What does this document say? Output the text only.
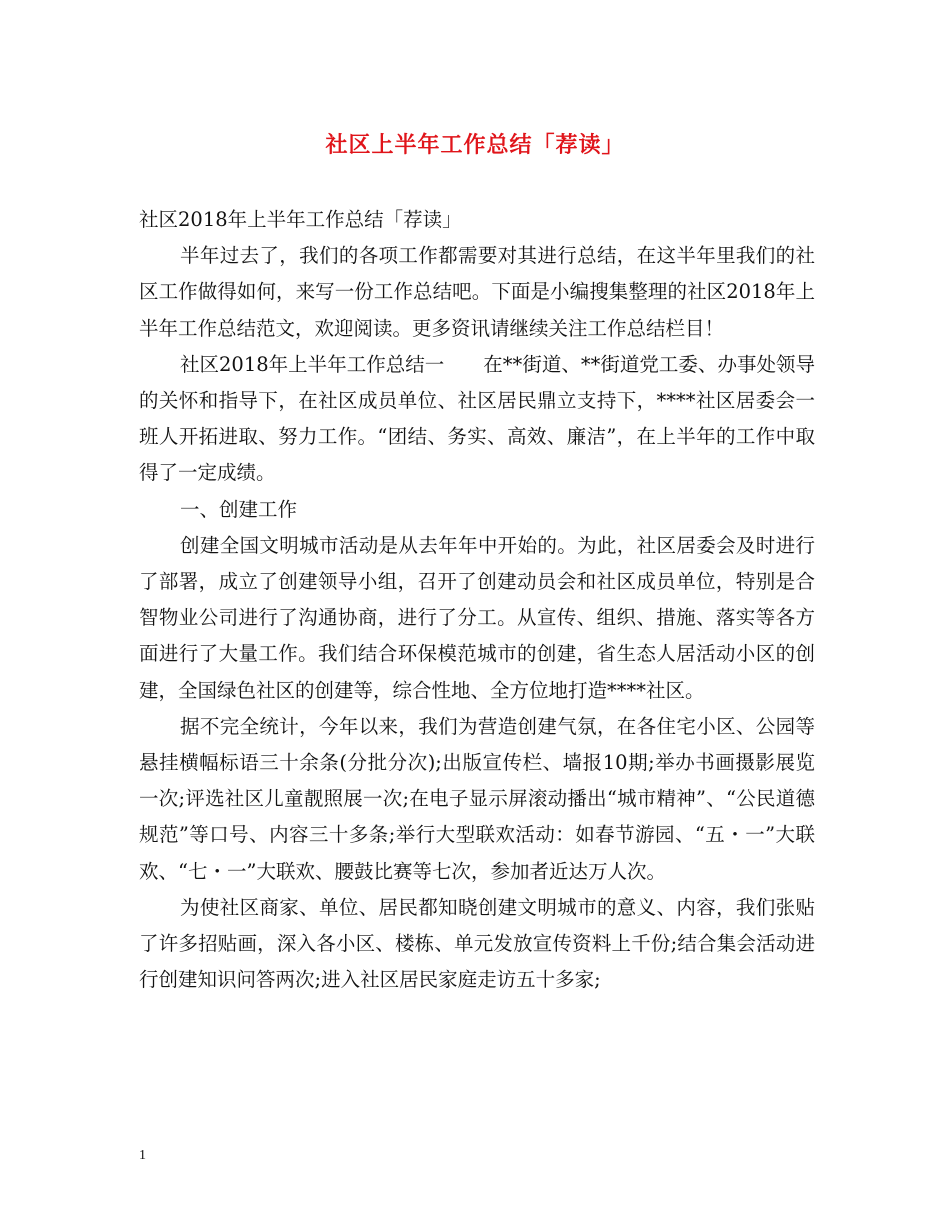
社区上半年工作总结「荐读」

社区2018年上半年工作总结「荐读」

半年过去了，我们的各项工作都需要对其进行总结，在这半年里我们的社区工作做得如何，来写一份工作总结吧。下面是小编搜集整理的社区2018年上半年工作总结范文，欢迎阅读。更多资讯请继续关注工作总结栏目！

社区2018年上半年工作总结一　　在**街道、**街道党工委、办事处领导的关怀和指导下，在社区成员单位、社区居民鼎立支持下，****社区居委会一班人开拓进取、努力工作。“团结、务实、高效、廉洁”，在上半年的工作中取得了一定成绩。

一、创建工作

创建全国文明城市活动是从去年年中开始的。为此，社区居委会及时进行了部署，成立了创建领导小组，召开了创建动员会和社区成员单位，特别是合智物业公司进行了沟通协商，进行了分工。从宣传、组织、措施、落实等各方面进行了大量工作。我们结合环保模范城市的创建，省生态人居活动小区的创建，全国绿色社区的创建等，综合性地、全方位地打造****社区。

据不完全统计，今年以来，我们为营造创建气氛，在各住宅小区、公园等悬挂横幅标语三十余条(分批分次);出版宣传栏、墙报10期;举办书画摄影展览一次;评选社区儿童靓照展一次;在电子显示屏滚动播出“城市精神”、“公民道德规范”等口号、内容三十多条;举行大型联欢活动：如春节游园、“五・一”大联欢、“七・一”大联欢、腰鼓比赛等七次，参加者近达万人次。

为使社区商家、单位、居民都知晓创建文明城市的意义、内容，我们张贴了许多招贴画，深入各小区、楼栋、单元发放宣传资料上千份;结合集会活动进行创建知识问答两次;进入社区居民家庭走访五十多家;

1
